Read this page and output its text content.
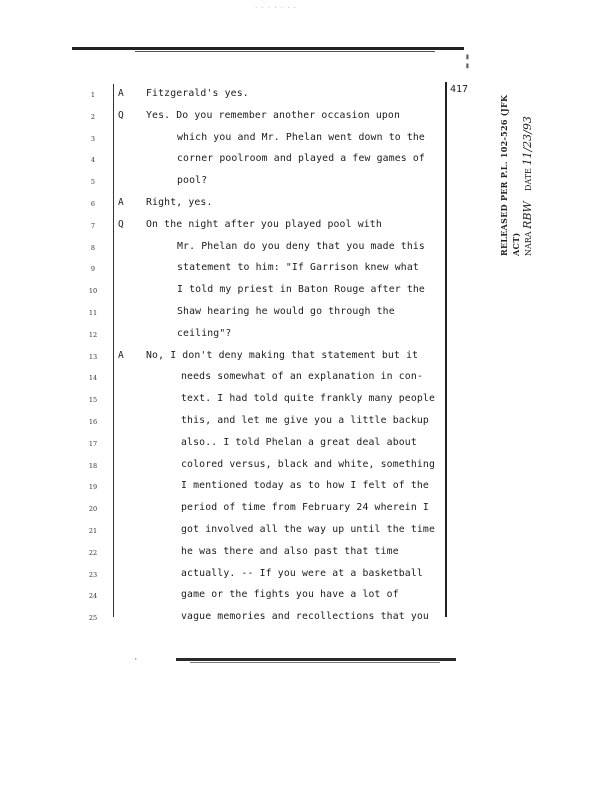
· · · · · · ·
▮
▮
417
RELEASED PER P.L. 102-526 (JFK ACT) NARA RBW    DATE 11/23/93
1	A Fitzgerald's yes.
2	Q Yes. Do you remember another occasion upon
3	which you and Mr. Phelan went down to the
4	corner poolroom and played a few games of
5	pool?
6	A Right, yes.
7	Q On the night after you played pool with
8	Mr. Phelan do you deny that you made this
9	statement to him: "If Garrison knew what
10	I told my priest in Baton Rouge after the
11	Shaw hearing he would go through the
12	ceiling"?
13	A No, I don't deny making that statement but it
14	needs somewhat of an explanation in con-
15	text. I had told quite frankly many people
16	this, and let me give you a little backup
17	also.. I told Phelan a great deal about
18	colored versus, black and white, something
19	I mentioned today as to how I felt of the
20	period of time from February 24 wherein I
21	got involved all the way up until the time
22	he was there and also past that time
23	actually. -- If you were at a basketball
24	game or the fights you have a lot of
25	vague memories and recollections that you
·
